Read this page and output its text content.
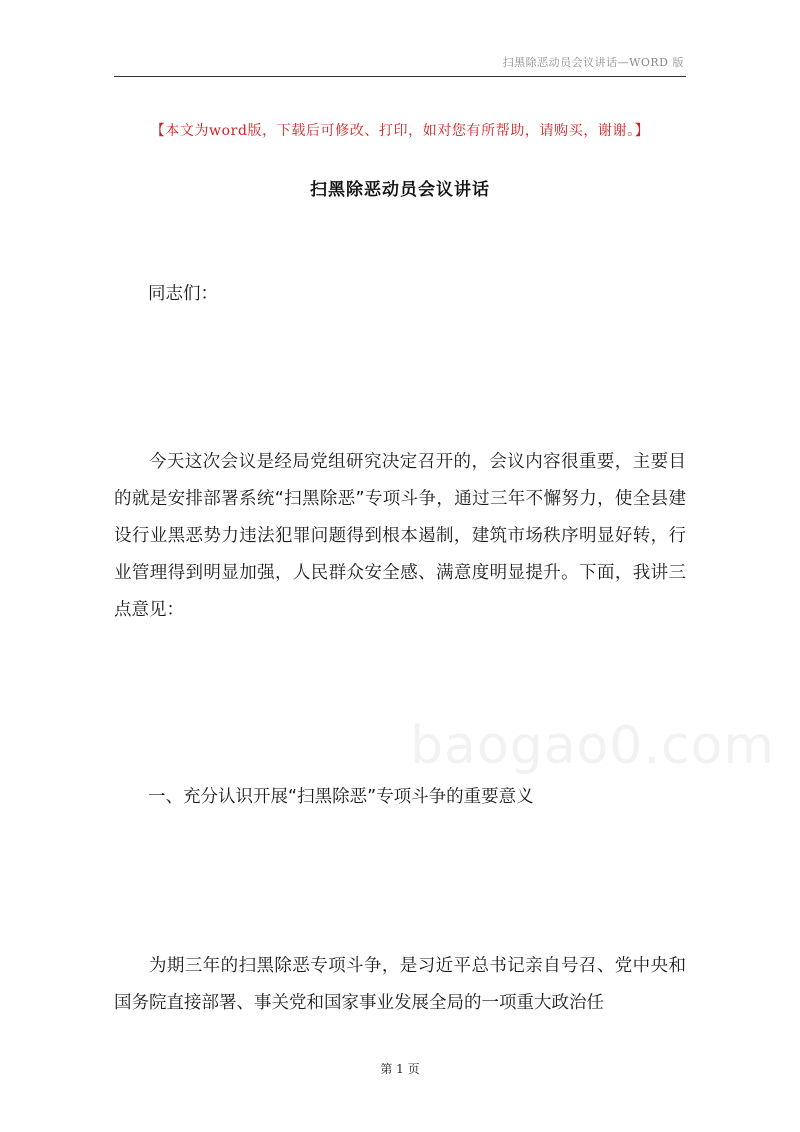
扫黑除恶动员会议讲话—WORD 版
【本文为word版，下载后可修改、打印，如对您有所帮助，请购买，谢谢。】
扫黑除恶动员会议讲话
同志们：

今天这次会议是经局党组研究决定召开的，会议内容很重要，主要目的就是安排部署系统“扫黑除恶”专项斗争，通过三年不懈努力，使全县建设行业黑恶势力违法犯罪问题得到根本遏制，建筑市场秩序明显好转，行业管理得到明显加强，人民群众安全感、满意度明显提升。下面，我讲三点意见：

baogao0.com
一、充分认识开展“扫黑除恶”专项斗争的重要意义

为期三年的扫黑除恶专项斗争，是习近平总书记亲自号召、党中央和国务院直接部署、事关党和国家事业发展全局的一项重大政治任

第 1 页
